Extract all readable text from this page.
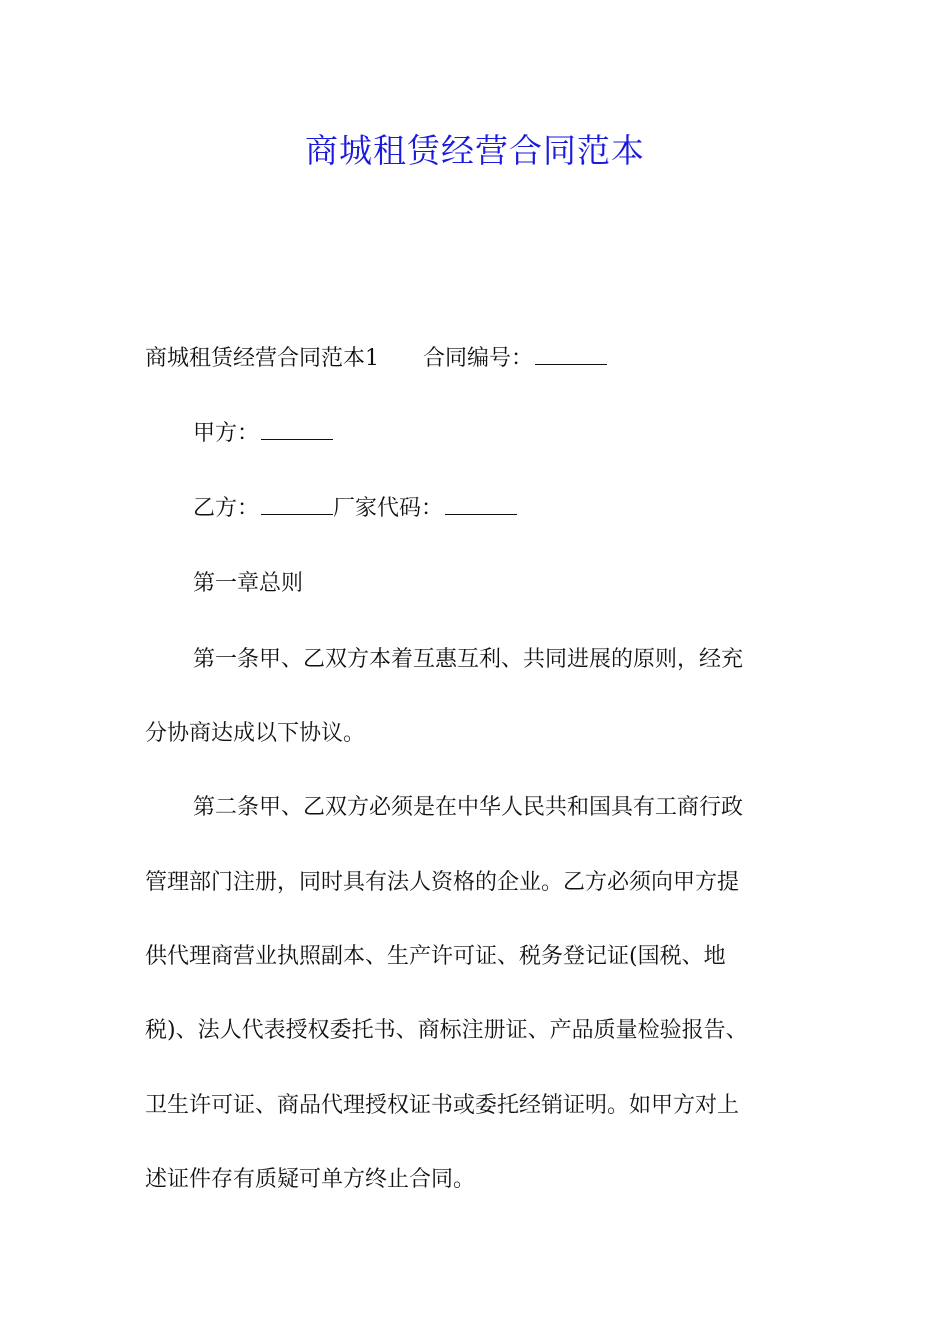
商城租赁经营合同范本
商城租赁经营合同范本1 合同编号：
甲方：
乙方：	厂家代码：
第一章总则
第一条甲、乙双方本着互惠互利、共同进展的原则，经充
分协商达成以下协议。
第二条甲、乙双方必须是在中华人民共和国具有工商行政
管理部门注册，同时具有法人资格的企业。乙方必须向甲方提
供代理商营业执照副本、生产许可证、税务登记证(国税、地
税)、法人代表授权委托书、商标注册证、产品质量检验报告、
卫生许可证、商品代理授权证书或委托经销证明。如甲方对上
述证件存有质疑可单方终止合同。
